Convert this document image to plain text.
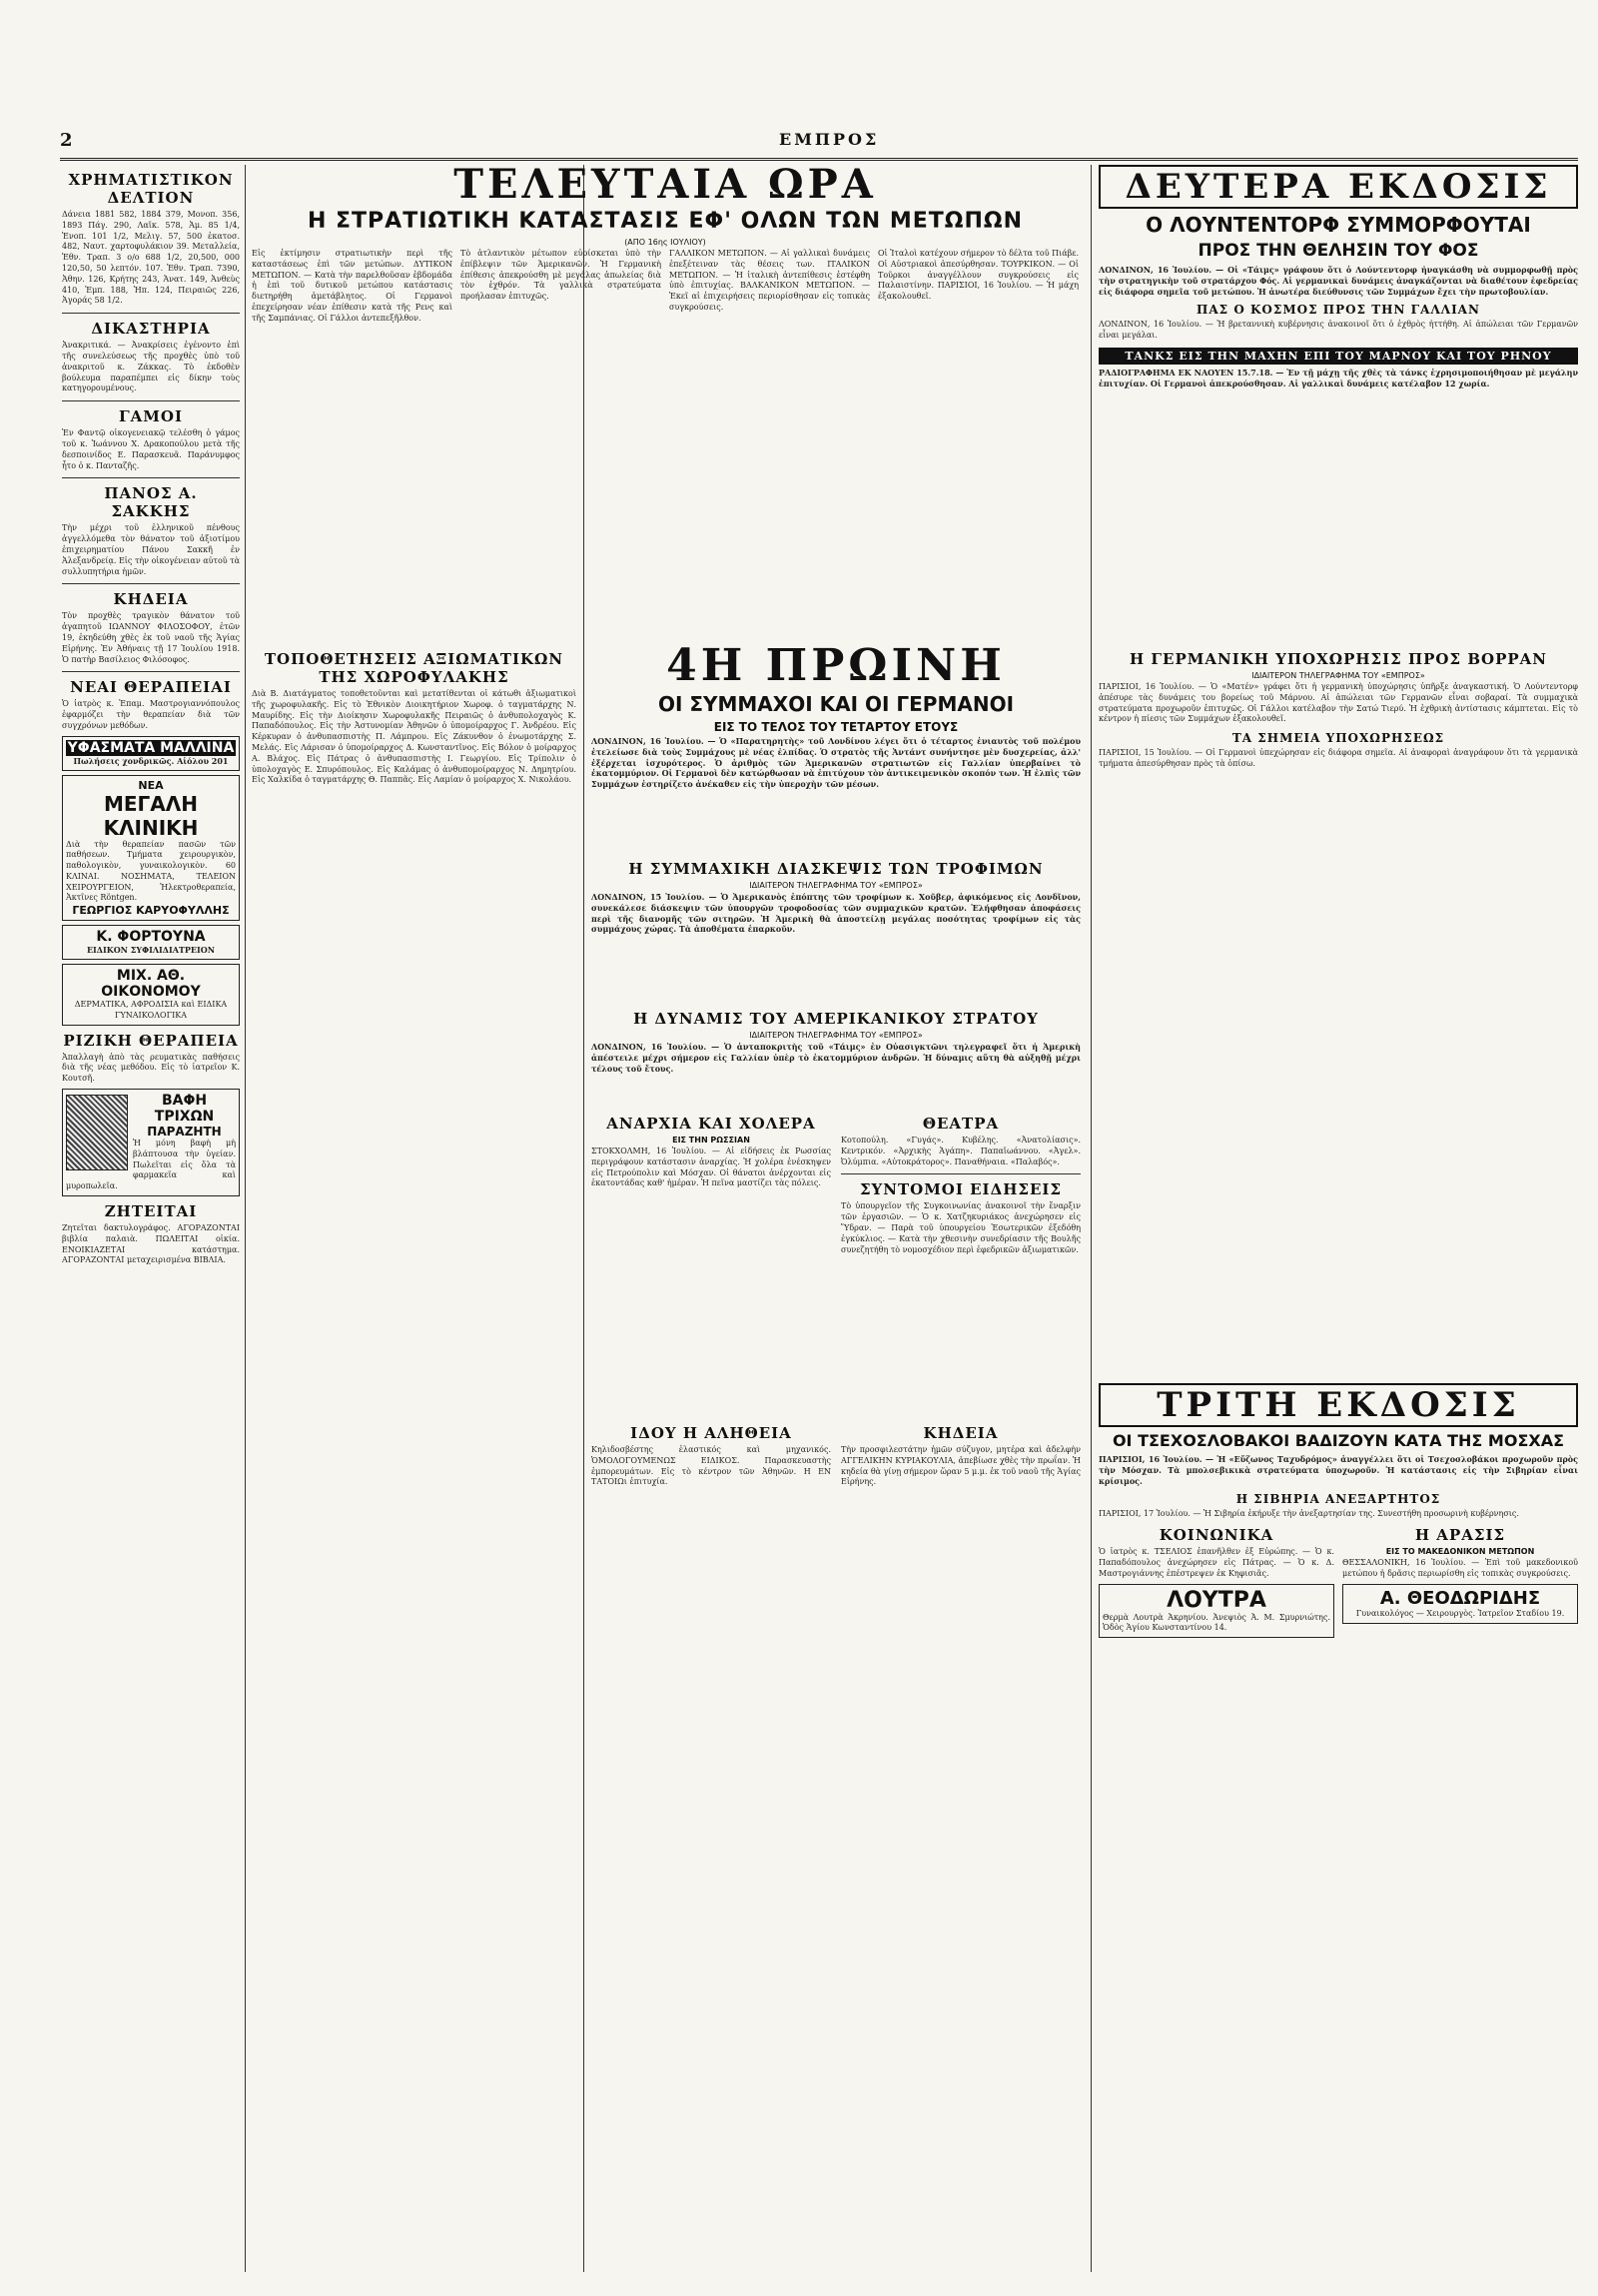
2	ΕΜΠΡΟΣ
ΧΡΗΜΑΤΙΣΤΙΚΟΝ ΔΕΛΤΙΟΝ
Δάνεια 1881 582, 1884 379, Μονοπ. 356, 1893 Πάγ. 290, Λαϊκ. 578, Ἀμ. 85 1/4, Ἐνοπ. 101 1/2, Μελιγ. 57, 500 ἐκατοσ. 482, Ναυτ. χαρτοφυλάκιον 39. Μεταλλεία, Ἐθν. Τραπ. 3 ο/ο 688 1/2, 20,500, 000 120,50, 50 λεπτόν. 107. Ἐθν. Τραπ. 7390, Ἀθην. 126, Κρήτης 243, Ἀνατ. 149, Ἀνθεὺς 410, Ἐμπ. 188, Ἠπ. 124, Πειραιῶς 226, Ἀγοράς 58 1/2.
ΔΙΚΑΣΤΗΡΙΑ
Ἀνακριτικά. — Ἀνακρίσεις ἐγένοντο ἐπὶ τῆς συνελεύσεως τῆς προχθὲς ὑπὸ τοῦ ἀνακριτοῦ κ. Ζάκκας. Τὸ ἐκδοθὲν βούλευμα παραπέμπει εἰς δίκην τοὺς κατηγορουμένους.
ΓΑΜΟΙ
Ἐν Φαντῷ οἰκογενειακῷ τελέσθη ὁ γάμος τοῦ κ. Ἰωάννου Χ. Δρακοπούλου μετὰ τῆς δεσποινίδος Ε. Παρασκευᾶ. Παράνυμφος ἦτο ὁ κ. Πανταζῆς.
ΠΑΝΟΣ Α. ΣΑΚΚΗΣ
Τὴν μέχρι τοῦ ἐλληνικοῦ πένθους ἀγγελλόμεθα τὸν θάνατον τοῦ ἀξιοτίμου ἐπιχειρηματίου Πάνου Σακκῆ ἐν Ἀλεξανδρείᾳ. Εἰς τὴν οἰκογένειαν αὐτοῦ τὰ συλλυπητήρια ἡμῶν.
ΚΗΔΕΙΑ
Τὸν προχθὲς τραγικὸν θάνατον τοῦ ἀγαπητοῦ ΙΩΑΝΝΟΥ ΦΙΛΟΣΟΦΟΥ, ἐτῶν 19, ἐκηδεύθη χθὲς ἐκ τοῦ ναοῦ τῆς Ἁγίας Εἰρήνης. Ἐν Ἀθήναις τῇ 17 Ἰουλίου 1918. Ὁ πατὴρ Βασίλειος Φιλόσοφος.
ΝΕΑΙ ΘΕΡΑΠΕΙΑΙ
Ὁ ἰατρὸς κ. Ἐπαμ. Μαστρογιαννόπουλος ἐφαρμόζει τὴν θεραπείαν διὰ τῶν συγχρόνων μεθόδων.
ΥΦΑΣΜΑΤΑ ΜΑΛΛΙΝΑ
Πωλήσεις χονδρικῶς. Αἰόλου 201
ΝΕΑ
ΜΕΓΑΛΗ ΚΛΙΝΙΚΗ
Διὰ τὴν θεραπείαν πασῶν τῶν παθήσεων. Τμήματα χειρουργικὸν, παθολογικὸν, γυναικολογικὸν. 60 ΚΛΙΝΑΙ. ΝΟΣΗΜΑΤΑ, ΤΕΛΕΙΟΝ ΧΕΙΡΟΥΡΓΕΙΟΝ, Ἠλεκτροθεραπεία, Ἀκτῖνες Röntgen.
ΓΕΩΡΓΙΟΣ ΚΑΡΥΟΦΥΛΛΗΣ
Κ. ΦΟΡΤΟΥΝΑ
ΕΙΔΙΚΟΝ ΣΥΦΙΛΙΔΙΑΤΡΕΙΟΝ
ΜΙΧ. ΑΘ. ΟΙΚΟΝΟΜΟΥ
ΔΕΡΜΑΤΙΚΑ, ΑΦΡΟΔΙΣΙΑ καὶ ΕΙΔΙΚΑ ΓΥΝΑΙΚΟΛΟΓΙΚΑ
ΡΙΖΙΚΗ ΘΕΡΑΠΕΙΑ
Ἀπαλλαγὴ ἀπὸ τὰς ρευματικὰς παθήσεις διὰ τῆς νέας μεθόδου. Εἰς τὸ ἰατρεῖον Κ. Κουτσῆ.
ΒΑΦΗ ΤΡΙΧΩΝ
ΠΑΡΑΖΗΤΗ
Ἡ μόνη βαφὴ μὴ βλάπτουσα τὴν ὑγείαν. Πωλεῖται εἰς ὅλα τὰ φαρμακεῖα καὶ μυροπωλεῖα.
ΖΗΤΕΙΤΑΙ
Ζητεῖται δακτυλογράφος. ΑΓΟΡΑΖΟΝΤΑΙ βιβλία παλαιὰ. ΠΩΛΕΙΤΑΙ οἰκία. ΕΝΟΙΚΙΑΖΕΤΑΙ κατάστημα. ΑΓΟΡΑΖΟΝΤΑΙ μεταχειρισμένα ΒΙΒΛΙΑ.
ΤΕΛΕΥΤΑΙΑ ΩΡΑ
Η ΣΤΡΑΤΙΩΤΙΚΗ ΚΑΤΑΣΤΑΣΙΣ ΕΦ' ΟΛΩΝ ΤΩΝ ΜΕΤΩΠΩΝ
(ΑΠΟ 16ης ΙΟΥΛΙΟΥ)
Εἰς ἐκτίμησιν στρατιωτικὴν περὶ τῆς καταστάσεως ἐπὶ τῶν μετώπων. ΔΥΤΙΚΟΝ ΜΕΤΩΠΟΝ. — Κατὰ τὴν παρελθοῦσαν ἑβδομάδα ἡ ἐπὶ τοῦ δυτικοῦ μετώπου κατάστασις διετηρήθη ἀμετάβλητος. Οἱ Γερμανοὶ ἐπεχείρησαν νέαν ἐπίθεσιν κατὰ τῆς Ρενς καὶ τῆς Σαμπάνιας. Οἱ Γάλλοι ἀντεπεξῆλθον.
Τὸ ἀτλαντικὸν μέτωπον εὑρίσκεται ὑπὸ τὴν ἐπίβλεψιν τῶν Ἀμερικανῶν. Ἡ Γερμανικὴ ἐπίθεσις ἀπεκρούσθη μὲ μεγάλας ἀπωλείας διὰ τὸν ἐχθρόν. Τὰ γαλλικὰ στρατεύματα προήλασαν ἐπιτυχῶς.
ΓΑΛΛΙΚΟΝ ΜΕΤΩΠΟΝ. — Αἱ γαλλικαὶ δυνάμεις ἐπεξέτειναν τὰς θέσεις των. ΙΤΑΛΙΚΟΝ ΜΕΤΩΠΟΝ. — Ἡ ἰταλικὴ ἀντεπίθεσις ἐστέφθη ὑπὸ ἐπιτυχίας. ΒΑΛΚΑΝΙΚΟΝ ΜΕΤΩΠΟΝ. — Ἐκεῖ αἱ ἐπιχειρήσεις περιορίσθησαν εἰς τοπικὰς συγκρούσεις.
Οἱ Ἰταλοὶ κατέχουν σήμερον τὸ δέλτα τοῦ Πιάβε. Οἱ Αὐστριακοὶ ἀπεσύρθησαν. ΤΟΥΡΚΙΚΟΝ. — Οἱ Τοῦρκοι ἀναγγέλλουν συγκρούσεις εἰς Παλαιστίνην. ΠΑΡΙΣΙΟΙ, 16 Ἰουλίου. — Ἡ μάχη ἐξακολουθεῖ.
ΤΟΠΟΘΕΤΗΣΕΙΣ ΑΞΙΩΜΑΤΙΚΩΝ ΤΗΣ ΧΩΡΟΦΥΛΑΚΗΣ
Διὰ Β. Διατάγματος τοποθετοῦνται καὶ μετατίθενται οἱ κάτωθι ἀξιωματικοὶ τῆς χωροφυλακῆς. Εἰς τὸ Ἐθνικὸν Διοικητήριον Χωροφ. ὁ ταγματάρχης Ν. Μαυρίδης. Εἰς τὴν Διοίκησιν Χωροφυλακῆς Πειραιῶς ὁ ἀνθυπολοχαγὸς Κ. Παπαδόπουλος. Εἰς τὴν Ἀστυνομίαν Ἀθηνῶν ὁ ὑπομοίραρχος Γ. Ἀνδρέου. Εἰς Κέρκυραν ὁ ἀνθυπασπιστὴς Π. Λάμπρου. Εἰς Ζάκυνθον ὁ ἐνωμοτάρχης Σ. Μελάς. Εἰς Λάρισαν ὁ ὑπομοίραρχος Δ. Κωνσταντῖνος. Εἰς Βόλον ὁ μοίραρχος Α. Βλάχος. Εἰς Πάτρας ὁ ἀνθυπασπιστὴς Ι. Γεωργίου. Εἰς Τρίπολιν ὁ ὑπολοχαγὸς Ε. Σπυρόπουλος. Εἰς Καλάμας ὁ ἀνθυπομοίραρχος Ν. Δημητρίου. Εἰς Χαλκίδα ὁ ταγματάρχης Θ. Παππᾶς. Εἰς Λαμίαν ὁ μοίραρχος Χ. Νικολάου.
4Η ΠΡΩΙΝΗ
ΟΙ ΣΥΜΜΑΧΟΙ ΚΑΙ ΟΙ ΓΕΡΜΑΝΟΙ
ΕΙΣ ΤΟ ΤΕΛΟΣ ΤΟΥ ΤΕΤΑΡΤΟΥ ΕΤΟΥΣ
ΛΟΝΔΙΝΟΝ, 16 Ἰουλίου. — Ὁ «Παρατηρητὴς» τοῦ Λονδίνου λέγει ὅτι ὁ τέταρτος ἐνιαυτὸς τοῦ πολέμου ἐτελείωσε διὰ τοὺς Συμμάχους μὲ νέας ἐλπίδας. Ὁ στρατὸς τῆς Ἀντάντ συνήντησε μὲν δυσχερείας, ἀλλ' ἐξέρχεται ἰσχυρότερος. Ὁ ἀριθμὸς τῶν Ἀμερικανῶν στρατιωτῶν εἰς Γαλλίαν ὑπερβαίνει τὸ ἑκατομμύριον. Οἱ Γερμανοὶ δὲν κατώρθωσαν νὰ ἐπιτύχουν τὸν ἀντικειμενικὸν σκοπόν των. Ἡ ἐλπὶς τῶν Συμμάχων ἐστηρίζετο ἀνέκαθεν εἰς τὴν ὑπεροχὴν τῶν μέσων.
Η ΣΥΜΜΑΧΙΚΗ ΔΙΑΣΚΕΨΙΣ ΤΩΝ ΤΡΟΦΙΜΩΝ
ΙΔΙΑΙΤΕΡΟΝ ΤΗΛΕΓΡΑΦΗΜΑ ΤΟΥ «ΕΜΠΡΟΣ»
ΛΟΝΔΙΝΟΝ, 15 Ἰουλίου. — Ὁ Ἀμερικανὸς ἐπόπτης τῶν τροφίμων κ. Χοῦβερ, ἀφικόμενος εἰς Λονδῖνον, συνεκάλεσε διάσκεψιν τῶν ὑπουργῶν τροφοδοσίας τῶν συμμαχικῶν κρατῶν. Ἐλήφθησαν ἀποφάσεις περὶ τῆς διανομῆς τῶν σιτηρῶν. Ἡ Ἀμερικὴ θὰ ἀποστείλῃ μεγάλας ποσότητας τροφίμων εἰς τὰς συμμάχους χώρας. Τὰ ἀποθέματα ἐπαρκοῦν.
Η ΔΥΝΑΜΙΣ ΤΟΥ ΑΜΕΡΙΚΑΝΙΚΟΥ ΣΤΡΑΤΟΥ
ΙΔΙΑΙΤΕΡΟΝ ΤΗΛΕΓΡΑΦΗΜΑ ΤΟΥ «ΕΜΠΡΟΣ»
ΛΟΝΔΙΝΟΝ, 16 Ἰουλίου. — Ὁ ἀνταποκριτὴς τοῦ «Τάιμς» ἐν Οὐασιγκτῶνι τηλεγραφεῖ ὅτι ἡ Ἀμερικὴ ἀπέστειλε μέχρι σήμερον εἰς Γαλλίαν ὑπὲρ τὸ ἑκατομμύριον ἀνδρῶν. Ἡ δύναμις αὕτη θὰ αὐξηθῇ μέχρι τέλους τοῦ ἔτους.
ΑΝΑΡΧΙΑ ΚΑΙ ΧΟΛΕΡΑ
ΕΙΣ ΤΗΝ ΡΩΣΣΙΑΝ
ΣΤΟΚΧΟΛΜΗ, 16 Ἰουλίου. — Αἱ εἰδήσεις ἐκ Ρωσσίας περιγράφουν κατάστασιν ἀναρχίας. Ἡ χολέρα ἐνέσκηψεν εἰς Πετρούπολιν καὶ Μόσχαν. Οἱ θάνατοι ἀνέρχονται εἰς ἑκατοντάδας καθ' ἡμέραν. Ἡ πεῖνα μαστίζει τὰς πόλεις.
ΘΕΑΤΡΑ
Κοτοπούλη. «Γυγάς». Κυβέλης. «Ἀνατολίασις». Κεντρικόν. «Ἀρχικὴς Ἀγάπη». Παπαϊωάννου. «Ἀγελ». Ὀλύμπια. «Αὐτοκράτορος». Παναθήναια. «Παλαβός».
ΣΥΝΤΟΜΟΙ ΕΙΔΗΣΕΙΣ
Τὸ ὑπουργεῖον τῆς Συγκοινωνίας ἀνακοινοῖ τὴν ἔναρξιν τῶν ἐργασιῶν. — Ὁ κ. Χατζηκυριάκος ἀνεχώρησεν εἰς Ὕδραν. — Παρὰ τοῦ ὑπουργείου Ἐσωτερικῶν ἐξεδόθη ἐγκύκλιος. — Κατὰ τὴν χθεσινὴν συνεδρίασιν τῆς Βουλῆς συνεζητήθη τὸ νομοσχέδιον περὶ ἐφεδρικῶν ἀξιωματικῶν.
ΙΔΟΥ Η ΑΛΗΘΕΙΑ
Κηλιδοσβέστης ἐλαστικός καὶ μηχανικός. ὉΜΟΛΟΓΟΥΜΕΝΩΣ ΕΙΔΙΚΟΣ. Παρασκευαστὴς ἐμπορευμάτων. Εἰς τὸ κέντρον τῶν Ἀθηνῶν. Η ΕΝ ΤΑΤΟΙΩι ἐπιτυχία.
ΚΗΔΕΙΑ
Τὴν προσφιλεστάτην ἡμῶν σύζυγον, μητέρα καὶ ἀδελφὴν ΑΓΓΕΛΙΚΗΝ ΚΥΡΙΑΚΟΥΛΙΑ, ἀπεβίωσε χθὲς τὴν πρωΐαν. Ἡ κηδεία θὰ γίνῃ σήμερον ὥραν 5 μ.μ. ἐκ τοῦ ναοῦ τῆς Ἁγίας Εἰρήνης.
ΔΕΥΤΕΡΑ ΕΚΔΟΣΙΣ
Ο ΛΟΥΝΤΕΝΤΟΡΦ ΣΥΜΜΟΡΦΟΥΤΑΙ
ΠΡΟΣ ΤΗΝ ΘΕΛΗΣΙΝ ΤΟΥ ΦΟΣ
ΛΟΝΔΙΝΟΝ, 16 Ἰουλίου. — Οἱ «Τάιμς» γράφουν ὅτι ὁ Λούντεντορφ ἠναγκάσθη νὰ συμμορφωθῇ πρὸς τὴν στρατηγικὴν τοῦ στρατάρχου Φός. Αἱ γερμανικαὶ δυνάμεις ἀναγκάζονται νὰ διαθέτουν ἐφεδρείας εἰς διάφορα σημεῖα τοῦ μετώπου. Ἡ ἀνωτέρα διεύθυνσις τῶν Συμμάχων ἔχει τὴν πρωτοβουλίαν.
ΠΑΣ Ο ΚΟΣΜΟΣ ΠΡΟΣ ΤΗΝ ΓΑΛΛΙΑΝ
ΛΟΝΔΙΝΟΝ, 16 Ἰουλίου. — Ἡ βρεταννικὴ κυβέρνησις ἀνακοινοῖ ὅτι ὁ ἐχθρὸς ἠττήθη. Αἱ ἀπώλειαι τῶν Γερμανῶν εἶναι μεγάλαι.
ΤΑΝΚΣ ΕΙΣ ΤΗΝ ΜΑΧΗΝ ΕΠΙ ΤΟΥ ΜΑΡΝΟΥ ΚΑΙ ΤΟΥ ΡΗΝΟΥ
ΡΑΔΙΟΓΡΑΦΗΜΑ ΕΚ ΝΑΟΥΕΝ 15.7.18. — Ἐν τῇ μάχῃ τῆς χθὲς τὰ τάνκς ἐχρησιμοποιήθησαν μὲ μεγάλην ἐπιτυχίαν. Οἱ Γερμανοὶ ἀπεκρούσθησαν. Αἱ γαλλικαὶ δυνάμεις κατέλαβον 12 χωρία.
Η ΓΕΡΜΑΝΙΚΗ ΥΠΟΧΩΡΗΣΙΣ ΠΡΟΣ ΒΟΡΡΑΝ
ΙΔΙΑΙΤΕΡΟΝ ΤΗΛΕΓΡΑΦΗΜΑ ΤΟΥ «ΕΜΠΡΟΣ»
ΠΑΡΙΣΙΟΙ, 16 Ἰουλίου. — Ὁ «Ματέν» γράφει ὅτι ἡ γερμανικὴ ὑποχώρησις ὑπῆρξε ἀναγκαστική. Ὁ Λούντεντορφ ἀπέσυρε τὰς δυνάμεις του βορείως τοῦ Μάρνου. Αἱ ἀπώλειαι τῶν Γερμανῶν εἶναι σοβαραί. Τὰ συμμαχικὰ στρατεύματα προχωροῦν ἐπιτυχῶς. Οἱ Γάλλοι κατέλαβον τὴν Σατώ Τιερύ. Ἡ ἐχθρικὴ ἀντίστασις κάμπτεται. Εἰς τὸ κέντρον ἡ πίεσις τῶν Συμμάχων ἐξακολουθεῖ.
ΤΑ ΣΗΜΕΙΑ ΥΠΟΧΩΡΗΣΕΩΣ
ΠΑΡΙΣΙΟΙ, 15 Ἰουλίου. — Οἱ Γερμανοὶ ὑπεχώρησαν εἰς διάφορα σημεῖα. Αἱ ἀναφοραὶ ἀναγράφουν ὅτι τὰ γερμανικὰ τμήματα ἀπεσύρθησαν πρὸς τὰ ὀπίσω.
ΤΡΙΤΗ ΕΚΔΟΣΙΣ
ΟΙ ΤΣΕΧΟΣΛΟΒΑΚΟΙ ΒΑΔΙΖΟΥΝ ΚΑΤΑ ΤΗΣ ΜΟΣΧΑΣ
ΠΑΡΙΣΙΟΙ, 16 Ἰουλίου. — Ἡ «Εὔζωνος Ταχυδρόμος» ἀναγγέλλει ὅτι οἱ Τσεχοσλοβάκοι προχωροῦν πρὸς τὴν Μόσχαν. Τὰ μπολσεβικικὰ στρατεύματα ὑποχωροῦν. Ἡ κατάστασις εἰς τὴν Σιβηρίαν εἶναι κρίσιμος.
Η ΣΙΒΗΡΙΑ ΑΝΕΞΑΡΤΗΤΟΣ
ΠΑΡΙΣΙΟΙ, 17 Ἰουλίου. — Ἡ Σιβηρία ἐκήρυξε τὴν ἀνεξαρτησίαν της. Συνεστήθη προσωρινὴ κυβέρνησις.
ΚΟΙΝΩΝΙΚΑ
Ὁ ἰατρὸς κ. ΤΣΕΛΙΟΣ ἐπανῆλθεν ἐξ Εὐρώπης. — Ὁ κ. Παπαδόπουλος ἀνεχώρησεν εἰς Πάτρας. — Ὁ κ. Δ. Μαστρογιάννης ἐπέστρεψεν ἐκ Κηφισιᾶς.
ΛΟΥΤΡΑ
Θερμὰ Λουτρὰ Ἀκρηνίου. Ἀνεψιὸς Ἀ. Μ. Σμυρνιώτης. Ὁδὸς Ἁγίου Κωνσταντίνου 14.
Η ΑΡΑΣΙΣ
ΕΙΣ ΤΟ ΜΑΚΕΔΟΝΙΚΟΝ ΜΕΤΩΠΟΝ
ΘΕΣΣΑΛΟΝΙΚΗ, 16 Ἰουλίου. — Ἐπὶ τοῦ μακεδονικοῦ μετώπου ἡ δρᾶσις περιωρίσθη εἰς τοπικὰς συγκρούσεις.
Α. ΘΕΟΔΩΡΙΔΗΣ
Γυναικολόγος — Χειρουργὸς. Ἰατρεῖον Σταδίου 19.
